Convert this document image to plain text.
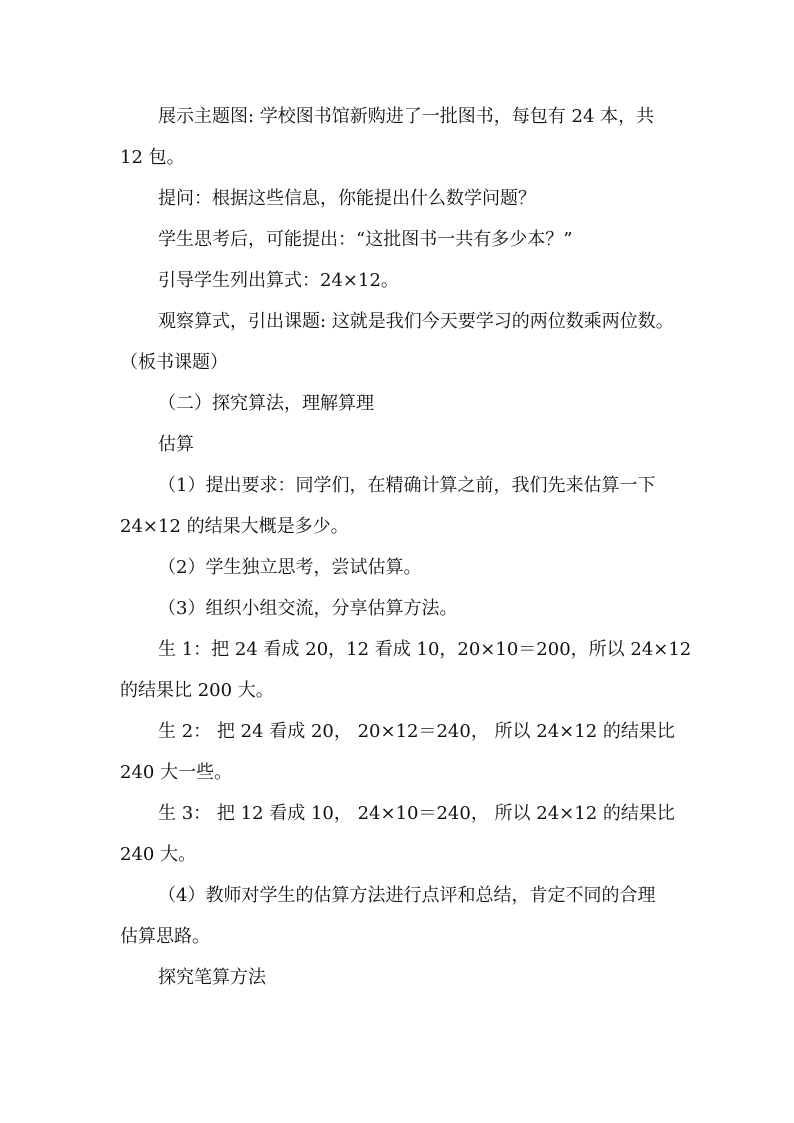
展示主题图: 学校图书馆新购进了一批图书，每包有 24 本，共

12 包。

提问：根据这些信息，你能提出什么数学问题？

学生思考后，可能提出：“这批图书一共有多少本？”

引导学生列出算式：24×12。

观察算式，引出课题: 这就是我们今天要学习的两位数乘两位数。

（板书课题）

（二）探究算法，理解算理

估算

（1）提出要求：同学们，在精确计算之前，我们先来估算一下

24×12 的结果大概是多少。

（2）学生独立思考，尝试估算。

（3）组织小组交流，分享估算方法。

生 1：把 24 看成 20，12 看成 10，20×10＝200，所以 24×12

的结果比 200 大。

生 2： 把 24 看成 20， 20×12＝240， 所以 24×12 的结果比

240 大一些。

生 3： 把 12 看成 10， 24×10＝240， 所以 24×12 的结果比

240 大。

（4）教师对学生的估算方法进行点评和总结，肯定不同的合理

估算思路。

探究笔算方法
